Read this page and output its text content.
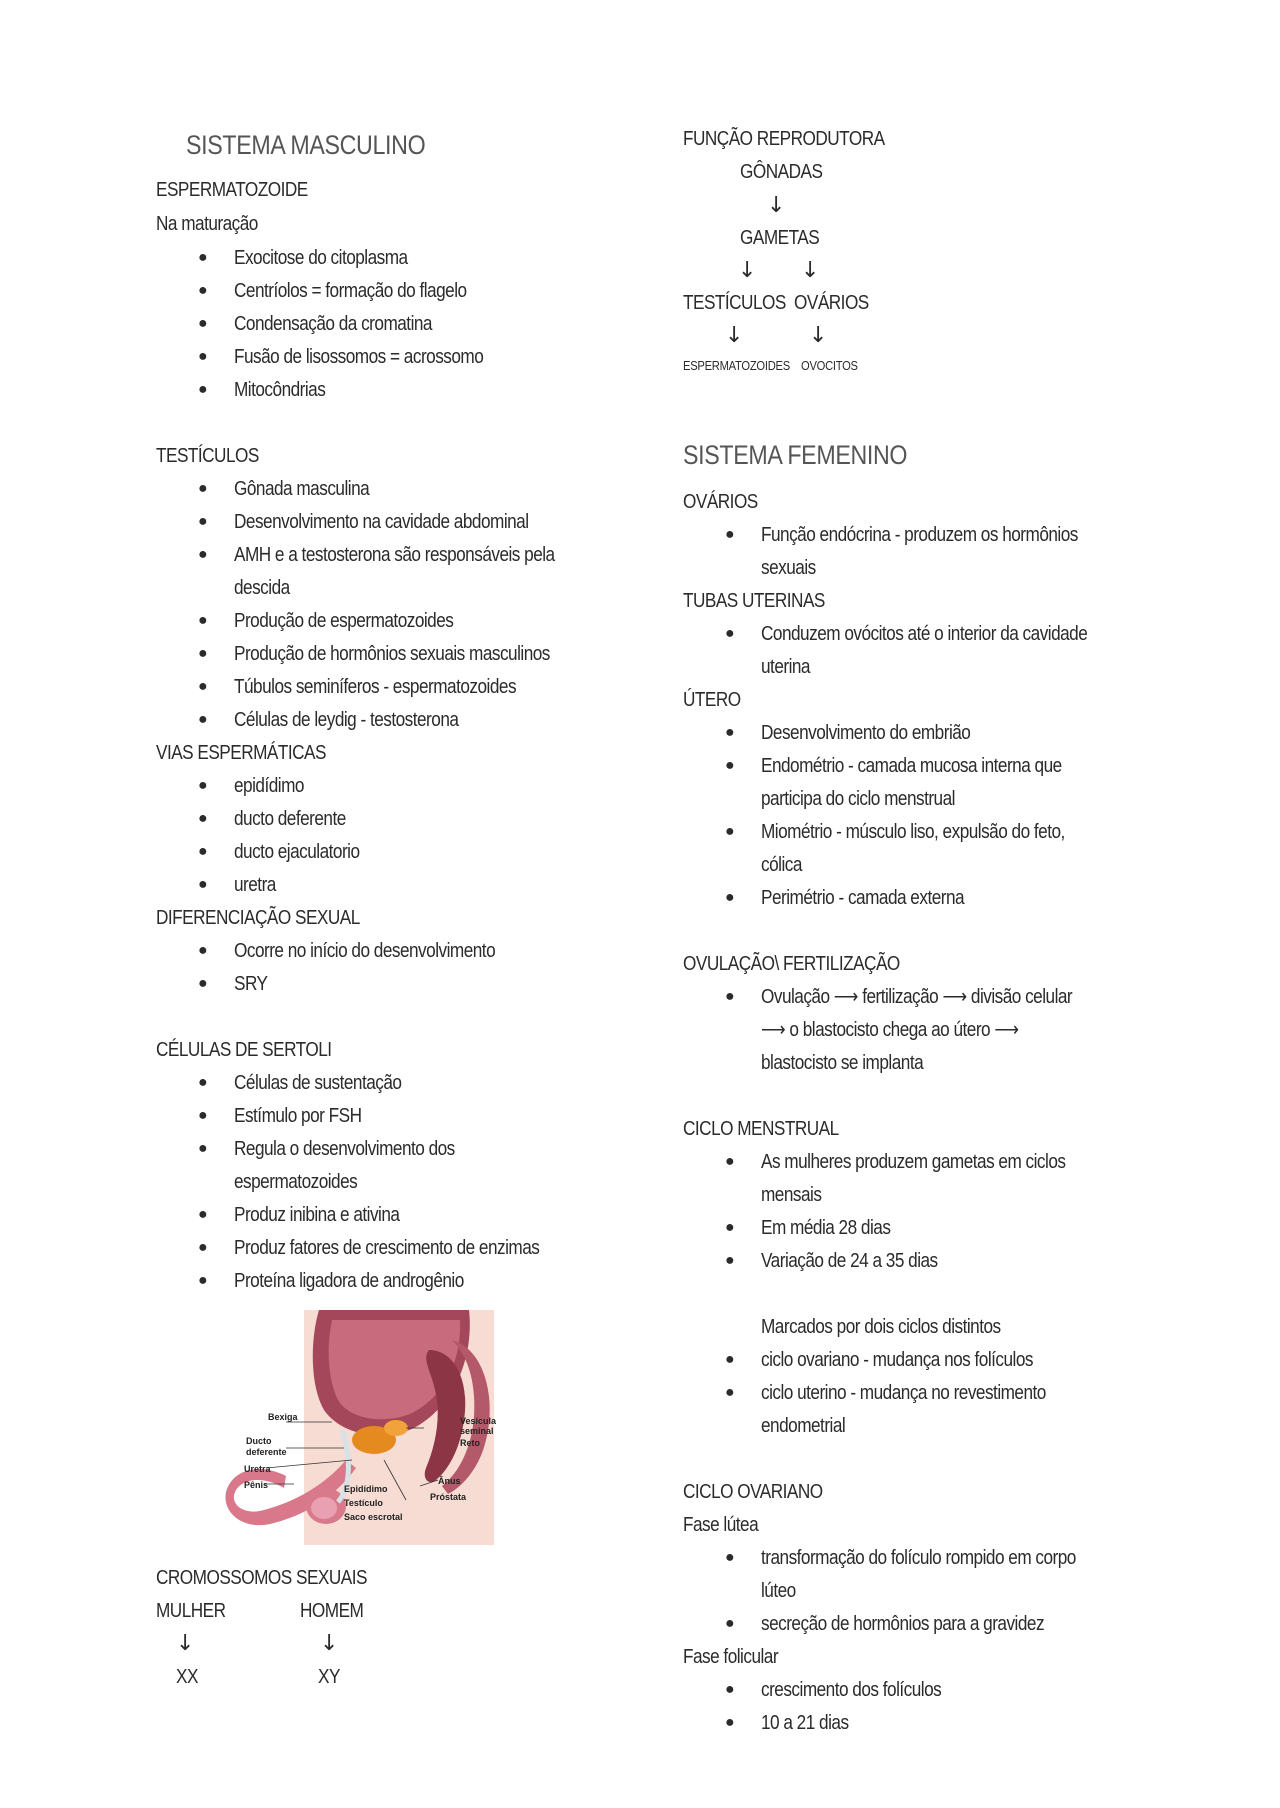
SISTEMA MASCULINO
ESPERMATOZOIDE
Na maturação
● Exocitose do citoplasma
● Centríolos = formação do flagelo
● Condensação da cromatina
● Fusão de lisossomos = acrossomo
● Mitocôndrias
TESTÍCULOS
● Gônada masculina
● Desenvolvimento na cavidade abdominal
● AMH e a testosterona são responsáveis pela
descida
● Produção de espermatozoides
● Produção de hormônios sexuais masculinos
● Túbulos seminíferos - espermatozoides
● Células de leydig - testosterona
VIAS ESPERMÁTICAS
● epidídimo
● ducto deferente
● ducto ejaculatorio
● uretra
DIFERENCIAÇÃO SEXUAL
● Ocorre no início do desenvolvimento
● SRY
CÉLULAS DE SERTOLI
● Células de sustentação
● Estímulo por FSH
● Regula o desenvolvimento dos
espermatozoides
● Produz inibina e ativina
● Produz fatores de crescimento de enzimas
● Proteína ligadora de androgênio
CROMOSSOMOS SEXUAIS
MULHER	HOMEM
↓	↓
XX	XY
Bexiga
Ducto
deferente
Uretra
Pênis	Epidídimo
Testículo
Saco escrotal
Vesícula
seminal
Reto
Ânus
Próstata
FUNÇÃO REPRODUTORA
GÔNADAS
↓
GAMETAS
↓ ↓
TESTÍCULOS OVÁRIOS
↓	↓
ESPERMATOZOIDES OVOCITOS
SISTEMA FEMENINO
OVÁRIOS
● Função endócrina - produzem os hormônios
sexuais
TUBAS UTERINAS
● Conduzem ovócitos até o interior da cavidade
uterina
ÚTERO
● Desenvolvimento do embrião
● Endométrio - camada mucosa interna que
participa do ciclo menstrual
● Miométrio - músculo liso, expulsão do feto,
cólica
● Perimétrio - camada externa
OVULAÇÃO\ FERTILIZAÇÃO
● Ovulação ⟶ fertilização ⟶ divisão celular
⟶ o blastocisto chega ao útero ⟶
blastocisto se implanta
CICLO MENSTRUAL
● As mulheres produzem gametas em ciclos
mensais
● Em média 28 dias
● Variação de 24 a 35 dias
Marcados por dois ciclos distintos
● ciclo ovariano - mudança nos folículos
● ciclo uterino - mudança no revestimento
endometrial
CICLO OVARIANO
Fase lútea
● transformação do folículo rompido em corpo
lúteo
● secreção de hormônios para a gravidez
Fase folicular
● crescimento dos folículos
● 10 a 21 dias
